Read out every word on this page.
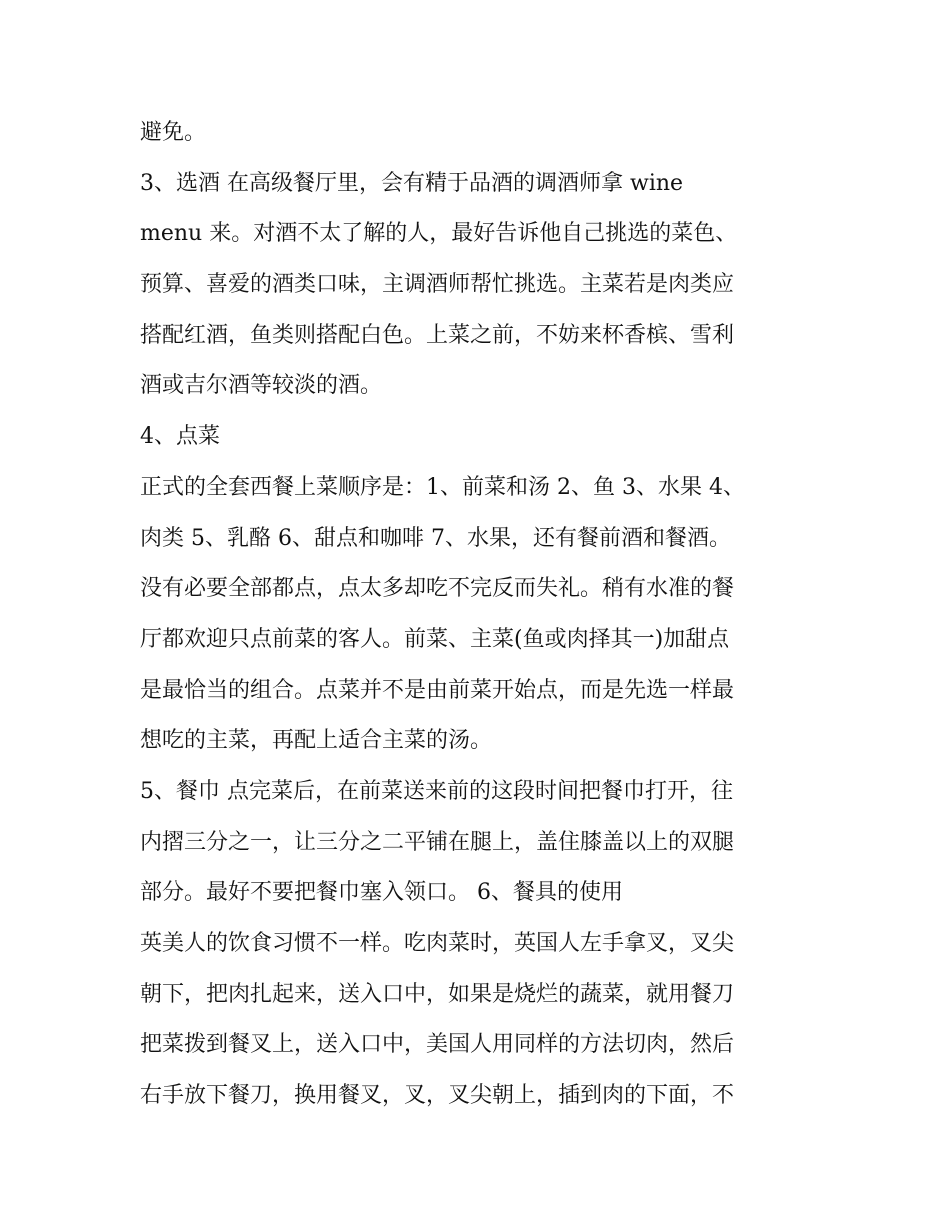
避免。
3、选酒 在高级餐厅里，会有精于品酒的调酒师拿 wine
menu 来。对酒不太了解的人，最好告诉他自己挑选的菜色、
预算、喜爱的酒类口味，主调酒师帮忙挑选。主菜若是肉类应
搭配红酒，鱼类则搭配白色。上菜之前，不妨来杯香槟、雪利
酒或吉尔酒等较淡的酒。
4、点菜
正式的全套西餐上菜顺序是：1、前菜和汤 2、鱼 3、水果 4、
肉类 5、乳酪 6、甜点和咖啡 7、水果，还有餐前酒和餐酒。
没有必要全部都点，点太多却吃不完反而失礼。稍有水准的餐
厅都欢迎只点前菜的客人。前菜、主菜(鱼或肉择其一)加甜点
是最恰当的组合。点菜并不是由前菜开始点，而是先选一样最
想吃的主菜，再配上适合主菜的汤。
5、餐巾 点完菜后，在前菜送来前的这段时间把餐巾打开，往
内摺三分之一，让三分之二平铺在腿上，盖住膝盖以上的双腿
部分。最好不要把餐巾塞入领口。 6、餐具的使用
英美人的饮食习惯不一样。吃肉菜时，英国人左手拿叉，叉尖
朝下，把肉扎起来，送入口中，如果是烧烂的蔬菜，就用餐刀
把菜拨到餐叉上，送入口中，美国人用同样的方法切肉，然后
右手放下餐刀，换用餐叉，叉，叉尖朝上，插到肉的下面，不
